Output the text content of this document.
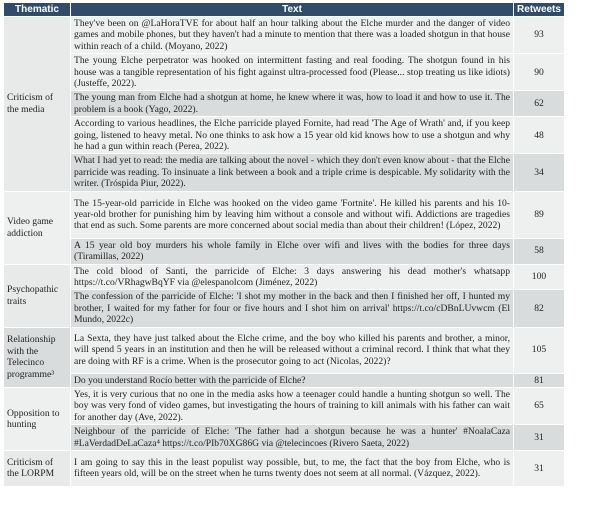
Thematic	Text	Retweets
Criticism of the media	They've been on @LaHoraTVE for about half an hour talking about the Elche murder and the danger of video games and mobile phones, but they haven't had a minute to mention that there was a loaded shotgun in that house within reach of a child. (Moyano, 2022)	93
	The young Elche perpetrator was hooked on intermittent fasting and real fooding. The shotgun found in his house was a tangible representation of his fight against ultra-processed food (Please... stop treating us like idiots) (Justeffe, 2022).	90
	The young man from Elche had a shotgun at home, he knew where it was, how to load it and how to use it. The problem is a book (Yago, 2022).	62
	According to various headlines, the Elche parricide played Fornite, had read 'The Age of Wrath' and, if you keep going, listened to heavy metal. No one thinks to ask how a 15 year old kid knows how to use a shotgun and why he had a gun within reach (Perea, 2022).	48
	What I had yet to read: the media are talking about the novel - which they don't even know about - that the Elche parricide was reading. To insinuate a link between a book and a triple crime is despicable. My solidarity with the writer. (Tróspida Piur, 2022).	34
Video game addiction	The 15-year-old parricide in Elche was hooked on the video game 'Fortnite'. He killed his parents and his 10-year-old brother for punishing him by leaving him without a console and without wifi. Addictions are tragedies that end as such. Some parents are more concerned about social media than about their children! (López, 2022)	89
	A 15 year old boy murders his whole family in Elche over wifi and lives with the bodies for three days (Tiramillas, 2022)	58
Psychopathic traits	The cold blood of Santi, the parricide of Elche: 3 days answering his dead mother's whatsapp https://t.co/VRhagwBqYF via @elespanolcom (Jiménez, 2022)	100
	The confession of the parricide of Elche: 'I shot my mother in the back and then I finished her off, I hunted my brother, I waited for my father for four or five hours and I shot him on arrival' https://t.co/cDBnLUvwcm (El Mundo, 2022c)	82
Relationship with the Telecinco programme³	La Sexta, they have just talked about the Elche crime, and the boy who killed his parents and brother, a minor, will spend 5 years in an institution and then he will be released without a criminal record. I think that what they are doing with RF is a crime. When is the prosecutor going to act (Nicolas, 2022)?	105
	Do you understand Rocío better with the parricide of Elche?	81
Opposition to hunting	Yes, it is very curious that no one in the media asks how a teenager could handle a hunting shotgun so well. The boy was very fond of video games, but investigating the hours of training to kill animals with his father can wait for another day (Ave, 2022).	65
	Neighbour of the parricide of Elche: 'The father had a shotgun because he was a hunter' #NoalaCaza #LaVerdadDeLaCaza⁴ https://t.co/PIb70XG86G via @telecincoes (Rivero Saeta, 2022)	31
Criticism of the LORPM	I am going to say this in the least populist way possible, but, to me, the fact that the boy from Elche, who is fifteen years old, will be on the street when he turns twenty does not seem at all normal. (Vázquez, 2022).	31
